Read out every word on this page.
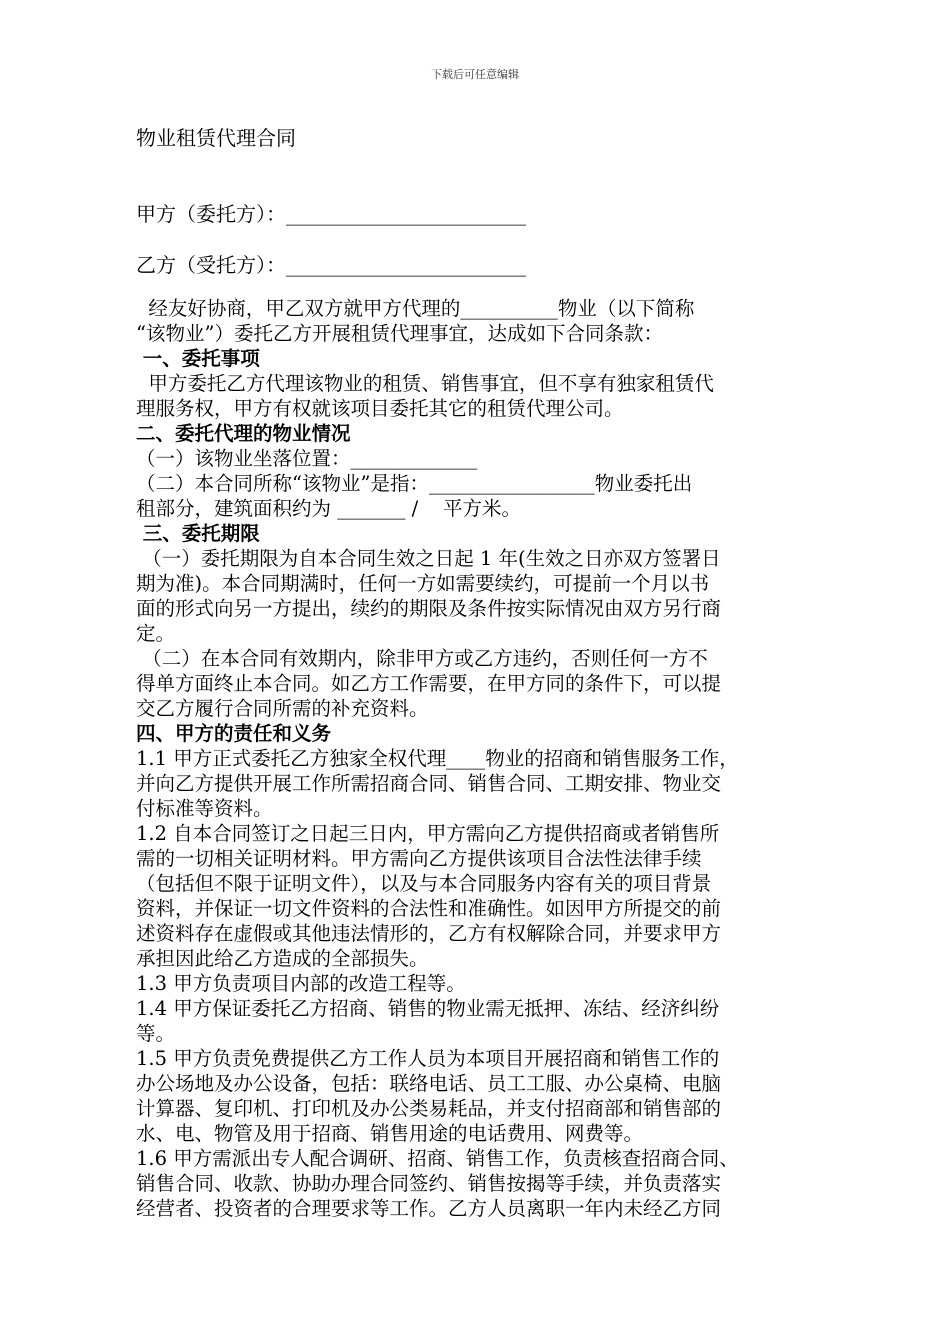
下载后可任意编辑
物业租赁代理合同
甲方（委托方）：________________________
乙方（受托方）：________________________
经友好协商，甲乙双方就甲方代理的__________物业（以下简称
“该物业”）委托乙方开展租赁代理事宜，达成如下合同条款：
一、委托事项
甲方委托乙方代理该物业的租赁、销售事宜，但不享有独家租赁代
理服务权，甲方有权就该项目委托其它的租赁代理公司。
二、委托代理的物业情况
（一）该物业坐落位置：_____________
（二）本合同所称“该物业”是指：_________________物业委托出
租部分，建筑面积约为 _______ /    平方米。
三、委托期限
（一）委托期限为自本合同生效之日起 1 年(生效之日亦双方签署日
期为准)。本合同期满时，任何一方如需要续约，可提前一个月以书
面的形式向另一方提出，续约的期限及条件按实际情况由双方另行商
定。
（二）在本合同有效期内，除非甲方或乙方违约，否则任何一方不
得单方面终止本合同。如乙方工作需要，在甲方同的条件下，可以提
交乙方履行合同所需的补充资料。
四、甲方的责任和义务
1.1 甲方正式委托乙方独家全权代理____物业的招商和销售服务工作，
并向乙方提供开展工作所需招商合同、销售合同、工期安排、物业交
付标准等资料。
1.2 自本合同签订之日起三日内，甲方需向乙方提供招商或者销售所
需的一切相关证明材料。甲方需向乙方提供该项目合法性法律手续
（包括但不限于证明文件），以及与本合同服务内容有关的项目背景
资料，并保证一切文件资料的合法性和准确性。如因甲方所提交的前
述资料存在虚假或其他违法情形的，乙方有权解除合同，并要求甲方
承担因此给乙方造成的全部损失。
1.3 甲方负责项目内部的改造工程等。
1.4 甲方保证委托乙方招商、销售的物业需无抵押、冻结、经济纠纷
等。
1.5 甲方负责免费提供乙方工作人员为本项目开展招商和销售工作的
办公场地及办公设备，包括：联络电话、员工工服、办公桌椅、电脑
计算器、复印机、打印机及办公类易耗品，并支付招商部和销售部的
水、电、物管及用于招商、销售用途的电话费用、网费等。
1.6 甲方需派出专人配合调研、招商、销售工作，负责核查招商合同、
销售合同、收款、协助办理合同签约、销售按揭等手续，并负责落实
经营者、投资者的合理要求等工作。乙方人员离职一年内未经乙方同
